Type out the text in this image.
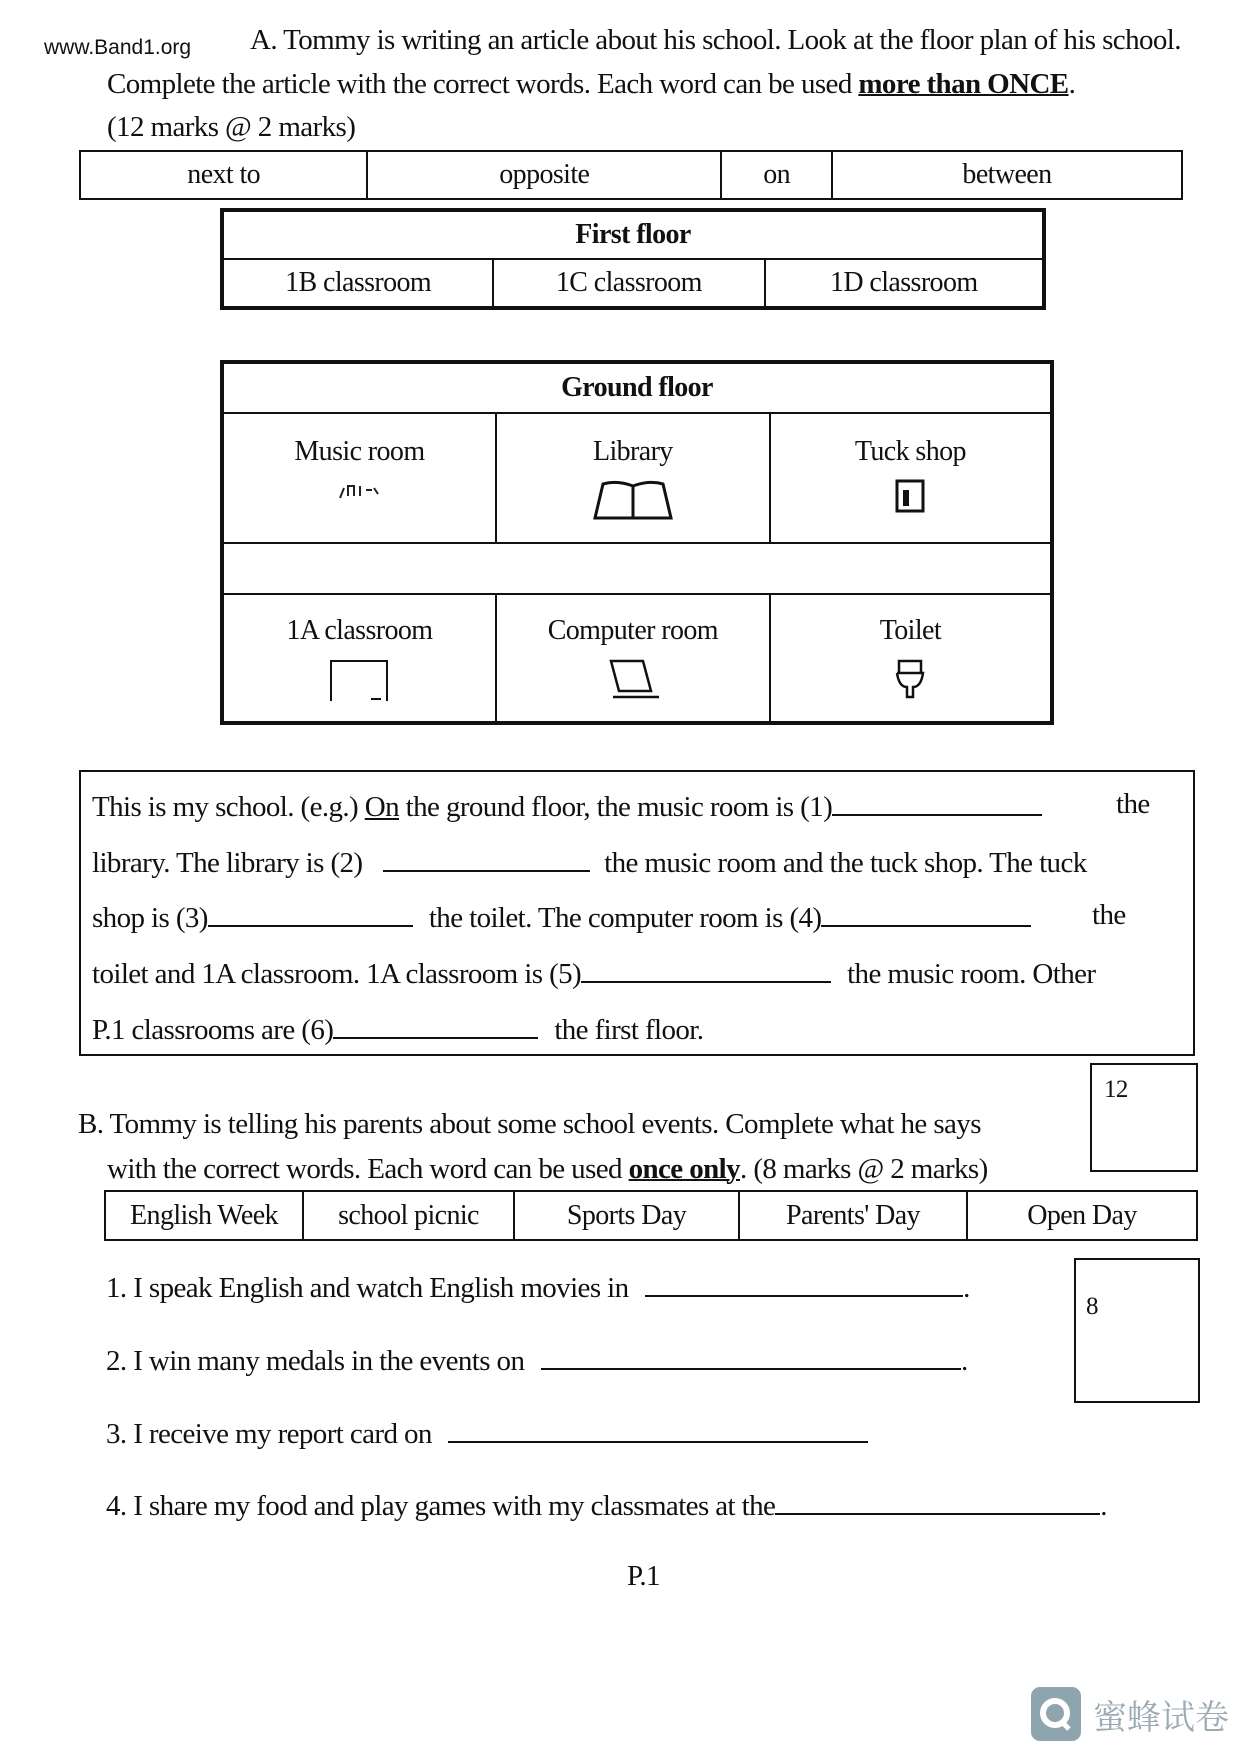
A. Tommy is writing an article about his school. Look at the floor plan of his school.
www.Band1.org
Complete the article with the correct words. Each word can be used more than ONCE.
(12 marks @ 2 marks)
next to	opposite	on	between
First floor
1B classroom	1C classroom	1D classroom
Ground floor		
Music room	Library	Tuck shop

1A classroom	Computer room	Toilet
This is my school. (e.g.) On the ground floor, the music room is (1)	the
library. The library is (2)	the music room and the tuck shop. The tuck
shop is (3)	the toilet. The computer room is (4)	the
toilet and 1A classroom. 1A classroom is (5)	the music room. Other
P.1 classrooms are (6)	the first floor.
12
B. Tommy is telling his parents about some school events. Complete what he says
with the correct words. Each word can be used once only. (8 marks @ 2 marks)
English Week	school picnic	Sports Day	Parents' Day	Open Day
8
1. I speak English and watch English movies in	.
2. I win many medals in the events on	.
3. I receive my report card on
4. I share my food and play games with my classmates at the	.
P.1
蜜蜂试卷
